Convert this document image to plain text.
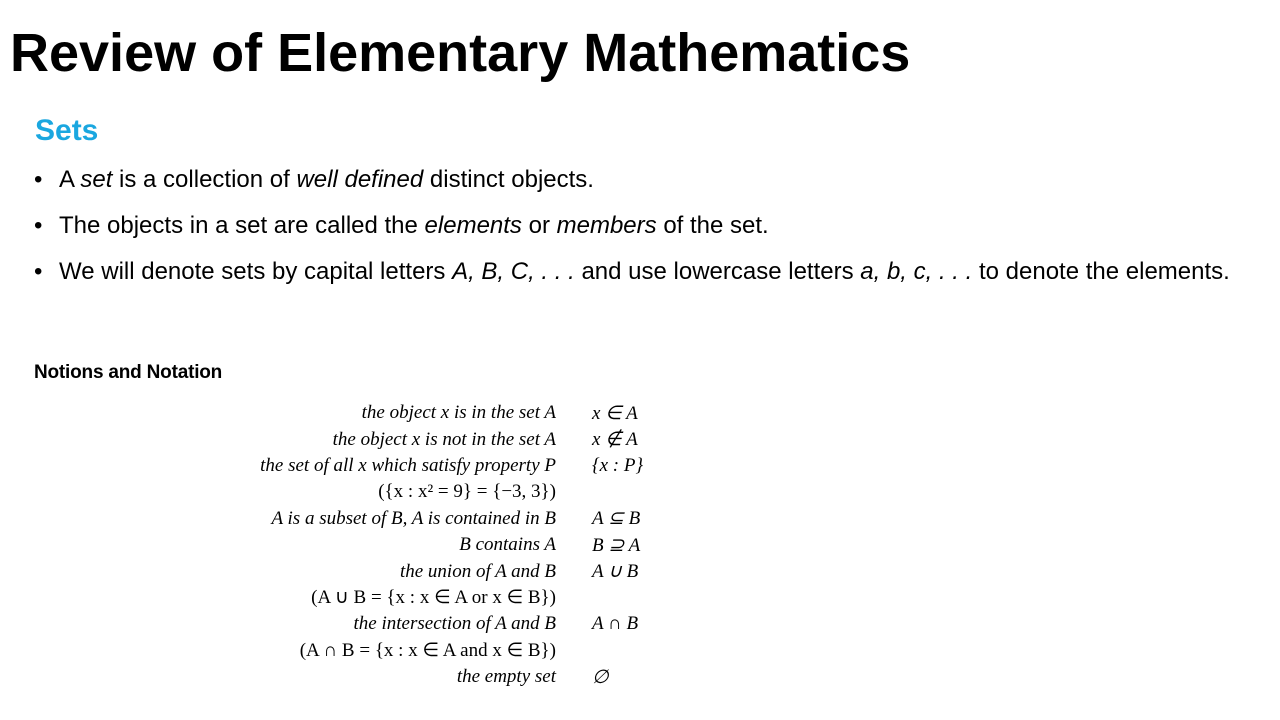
Review of Elementary Mathematics
Sets
• A set is a collection of well defined distinct objects.
• The objects in a set are called the elements or members of the set.
• We will denote sets by capital letters A, B, C, . . . and use lowercase letters a, b, c, . . . to denote the elements.
Notions and Notation
the object x is in the set A x ∈ A
the object x is not in the set A x ∉ A
the set of all x which satisfy property P {x : P}
({x : x² = 9} = {−3, 3})
A is a subset of B, A is contained in B A ⊆ B
B contains A B ⊇ A
the union of A and B A ∪ B
(A ∪ B = {x : x ∈ A or x ∈ B})
the intersection of A and B A ∩ B
(A ∩ B = {x : x ∈ A and x ∈ B})
the empty set ∅
